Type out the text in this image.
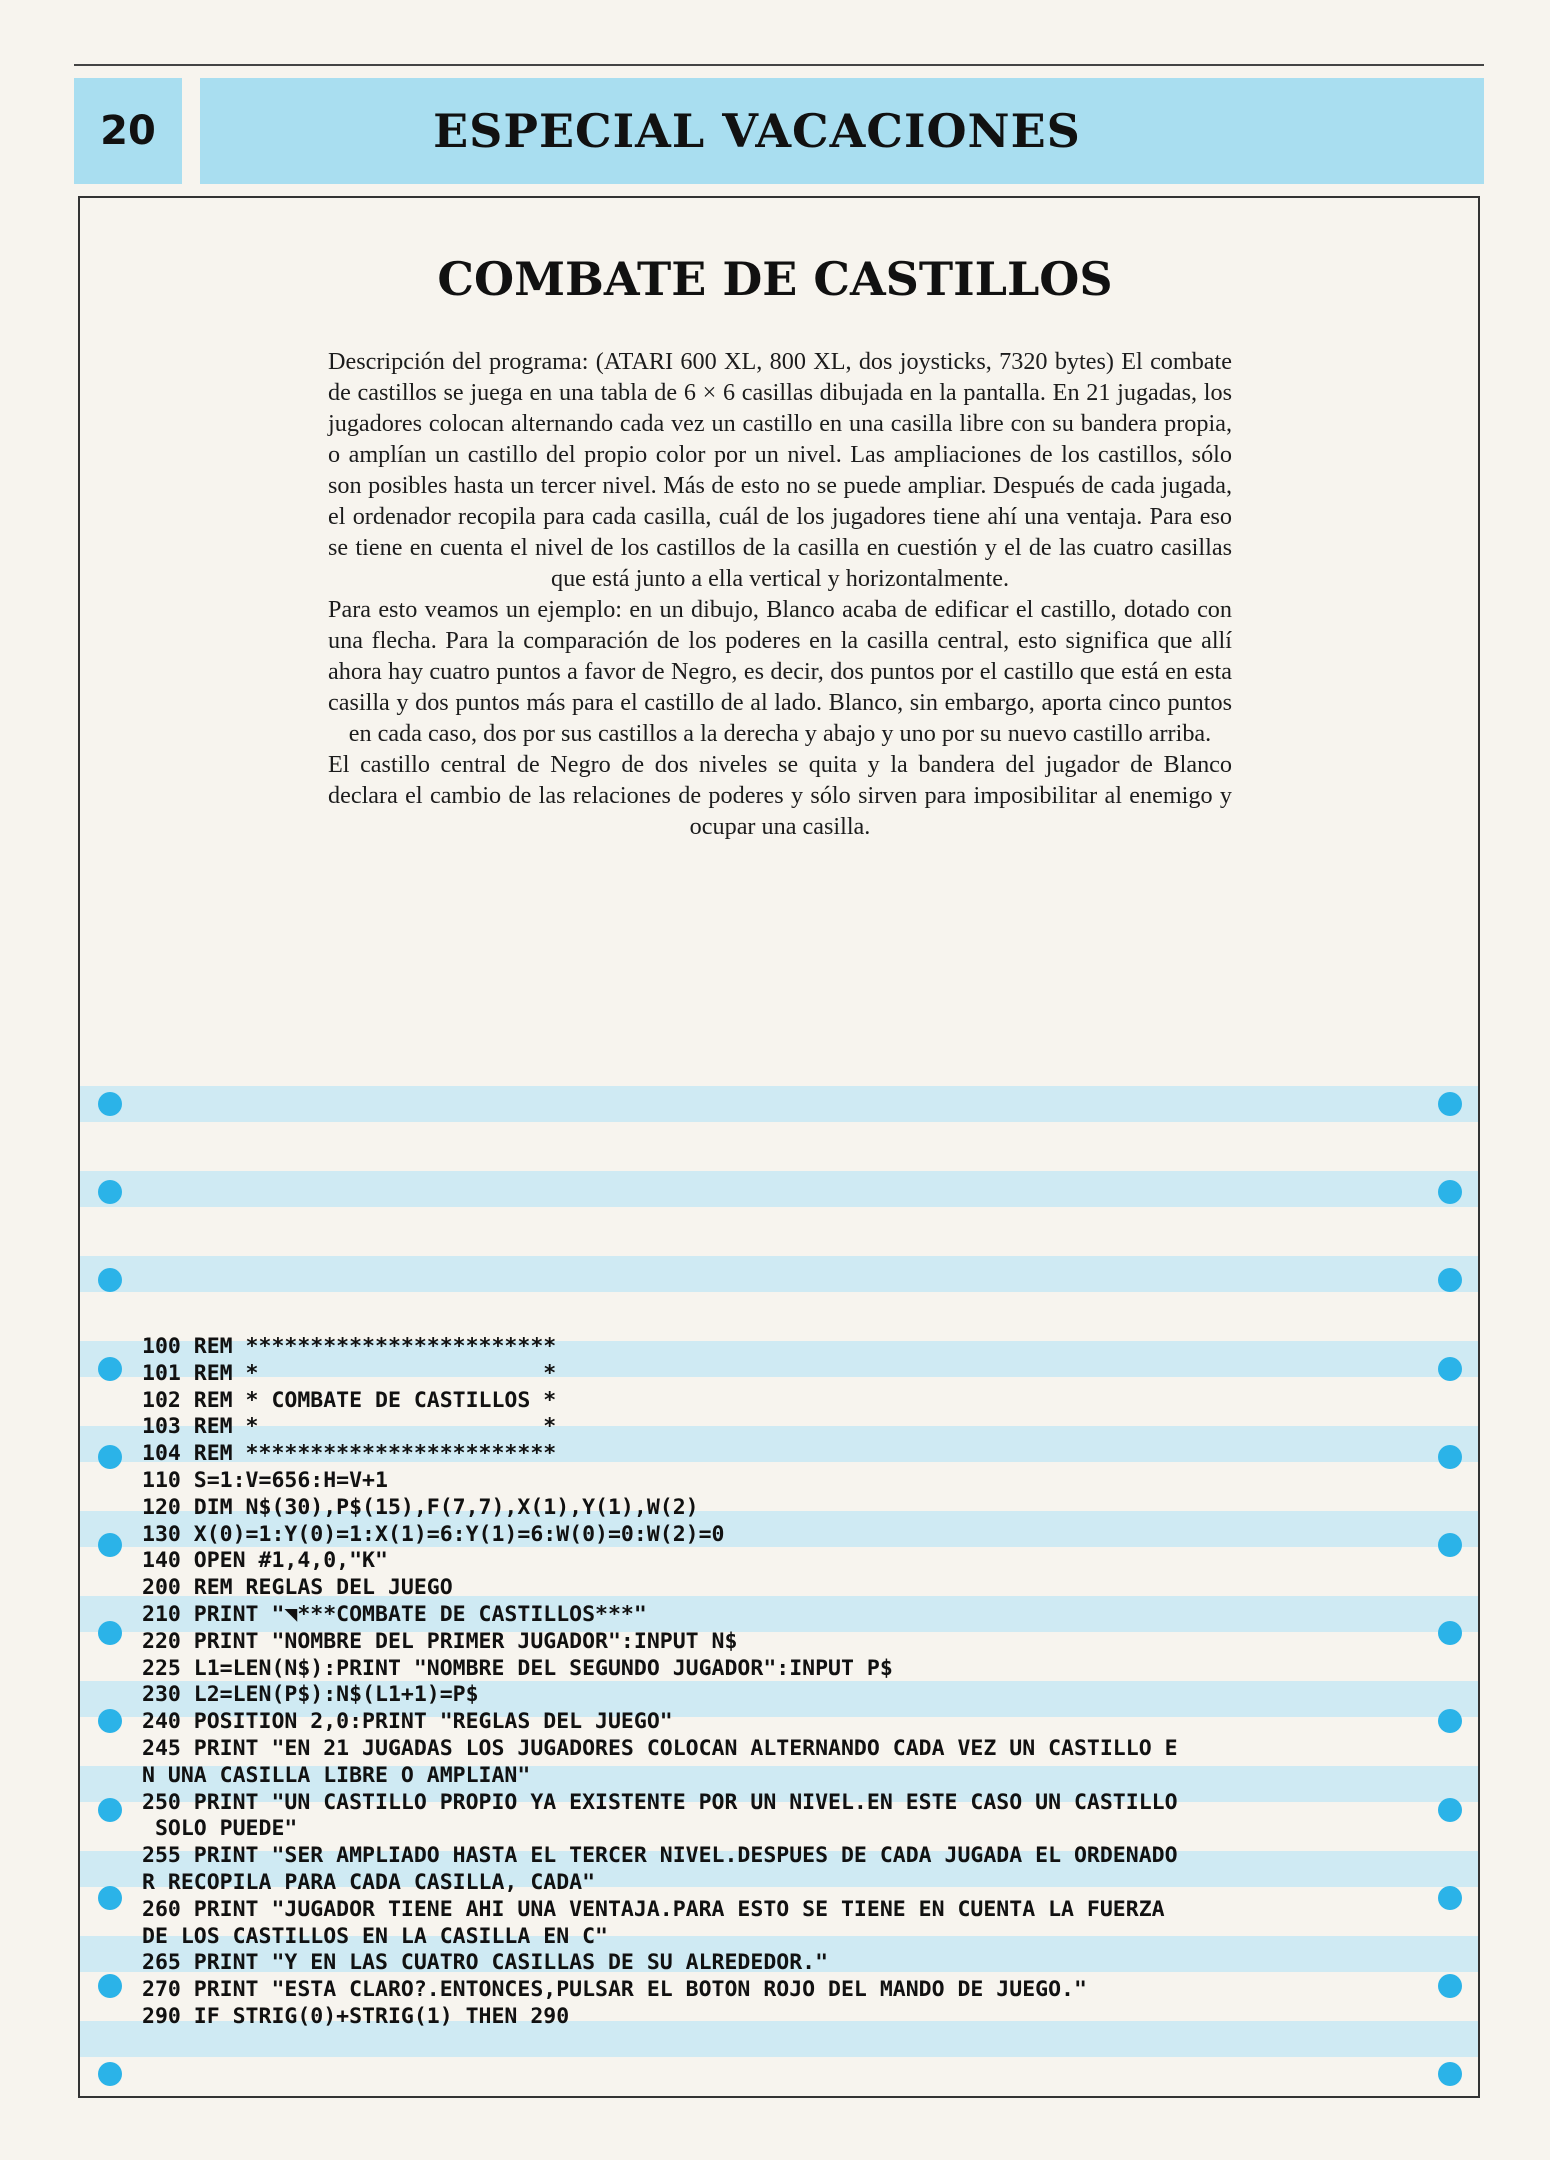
20	ESPECIAL VACACIONES
COMBATE DE CASTILLOS

Descripción del programa: (ATARI 600 XL, 800 XL, dos joysticks, 7320 bytes) El combate de castillos se juega en una tabla de 6 × 6 casillas dibujada en la pantalla. En 21 jugadas, los jugadores colocan alternando cada vez un castillo en una casilla libre con su bandera propia, o amplían un castillo del propio color por un nivel. Las ampliaciones de los castillos, sólo son posibles hasta un tercer nivel. Más de esto no se puede ampliar. Después de cada jugada, el ordenador recopila para cada casilla, cuál de los jugadores tiene ahí una ventaja. Para eso se tiene en cuenta el nivel de los castillos de la casilla en cuestión y el de las cuatro casillas que está junto a ella vertical y horizontalmente.

Para esto veamos un ejemplo: en un dibujo, Blanco acaba de edificar el castillo, dotado con una flecha. Para la comparación de los poderes en la casilla central, esto significa que allí ahora hay cuatro puntos a favor de Negro, es decir, dos puntos por el castillo que está en esta casilla y dos puntos más para el castillo de al lado. Blanco, sin embargo, aporta cinco puntos en cada caso, dos por sus castillos a la derecha y abajo y uno por su nuevo castillo arriba.

El castillo central de Negro de dos niveles se quita y la bandera del jugador de Blanco declara el cambio de las relaciones de poderes y sólo sirven para imposibilitar al enemigo y ocupar una casilla.

100 REM ************************
101 REM *                      *
102 REM * COMBATE DE CASTILLOS *
103 REM *                      *
104 REM ************************
110 S=1:V=656:H=V+1
120 DIM N$(30),P$(15),F(7,7),X(1),Y(1),W(2)
130 X(0)=1:Y(0)=1:X(1)=6:Y(1)=6:W(0)=0:W(2)=0
140 OPEN #1,4,0,"K"
200 REM REGLAS DEL JUEGO
210 PRINT "◥***COMBATE DE CASTILLOS***"
220 PRINT "NOMBRE DEL PRIMER JUGADOR":INPUT N$
225 L1=LEN(N$):PRINT "NOMBRE DEL SEGUNDO JUGADOR":INPUT P$
230 L2=LEN(P$):N$(L1+1)=P$
240 POSITION 2,0:PRINT "REGLAS DEL JUEGO"
245 PRINT "EN 21 JUGADAS LOS JUGADORES COLOCAN ALTERNANDO CADA VEZ UN CASTILLO E
N UNA CASILLA LIBRE O AMPLIAN"
250 PRINT "UN CASTILLO PROPIO YA EXISTENTE POR UN NIVEL.EN ESTE CASO UN CASTILLO
SOLO PUEDE"
255 PRINT "SER AMPLIADO HASTA EL TERCER NIVEL.DESPUES DE CADA JUGADA EL ORDENADO
R RECOPILA PARA CADA CASILLA, CADA"
260 PRINT "JUGADOR TIENE AHI UNA VENTAJA.PARA ESTO SE TIENE EN CUENTA LA FUERZA
DE LOS CASTILLOS EN LA CASILLA EN C"
265 PRINT "Y EN LAS CUATRO CASILLAS DE SU ALREDEDOR."
270 PRINT "ESTA CLARO?.ENTONCES,PULSAR EL BOTON ROJO DEL MANDO DE JUEGO."
290 IF STRIG(0)+STRIG(1) THEN 290
